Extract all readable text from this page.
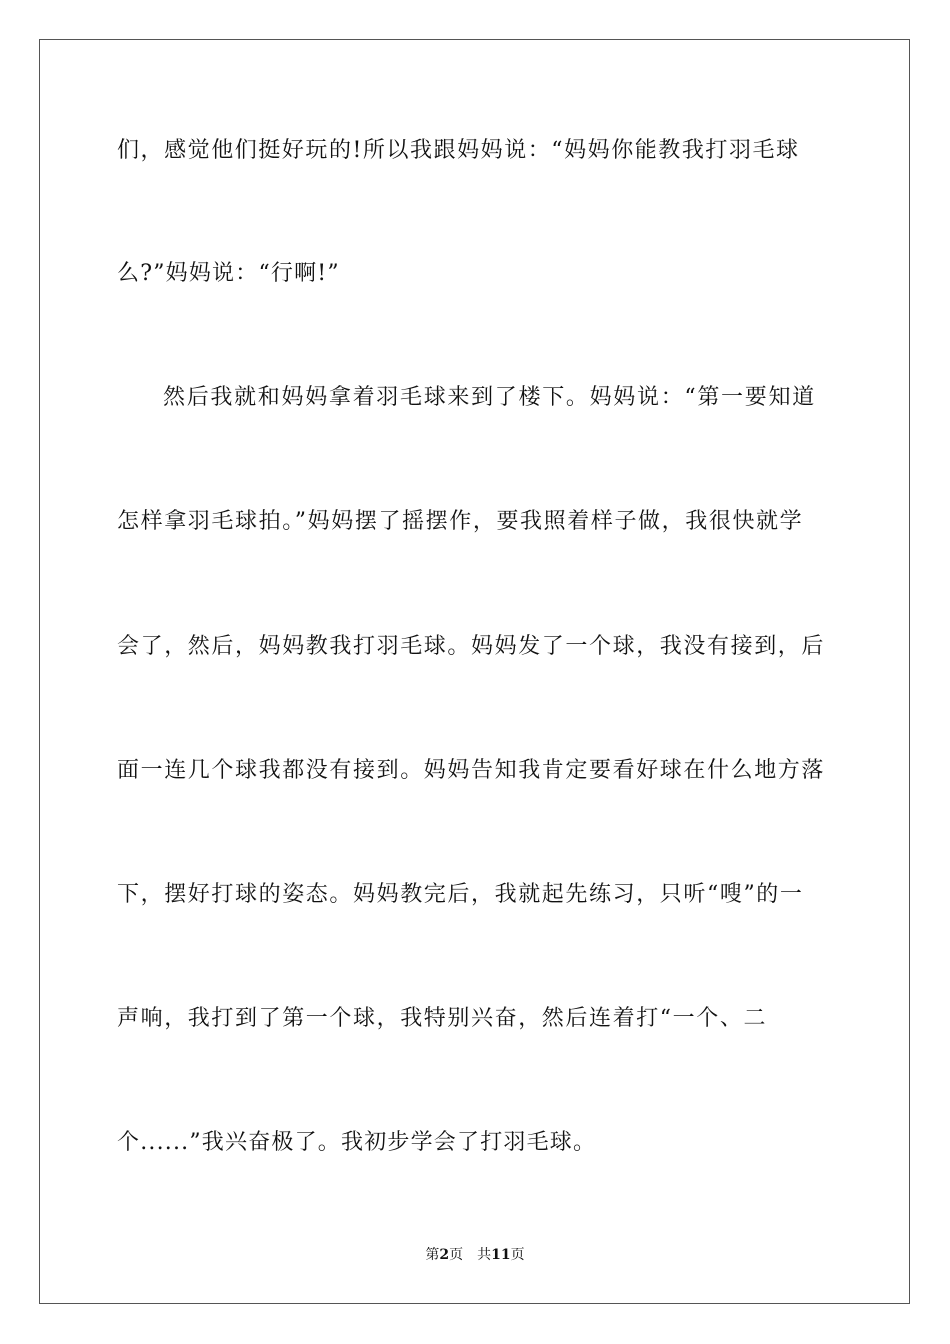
们，感觉他们挺好玩的!所以我跟妈妈说：“妈妈你能教我打羽毛球
么?”妈妈说：“行啊!”
然后我就和妈妈拿着羽毛球来到了楼下。妈妈说：“第一要知道
怎样拿羽毛球拍。”妈妈摆了摇摆作，要我照着样子做，我很快就学
会了，然后，妈妈教我打羽毛球。妈妈发了一个球，我没有接到，后
面一连几个球我都没有接到。妈妈告知我肯定要看好球在什么地方落
下，摆好打球的姿态。妈妈教完后，我就起先练习，只听“嗖”的一
声响，我打到了第一个球，我特别兴奋，然后连着打“一个、二
个......”我兴奋极了。我初步学会了打羽毛球。
第2页 共11页
